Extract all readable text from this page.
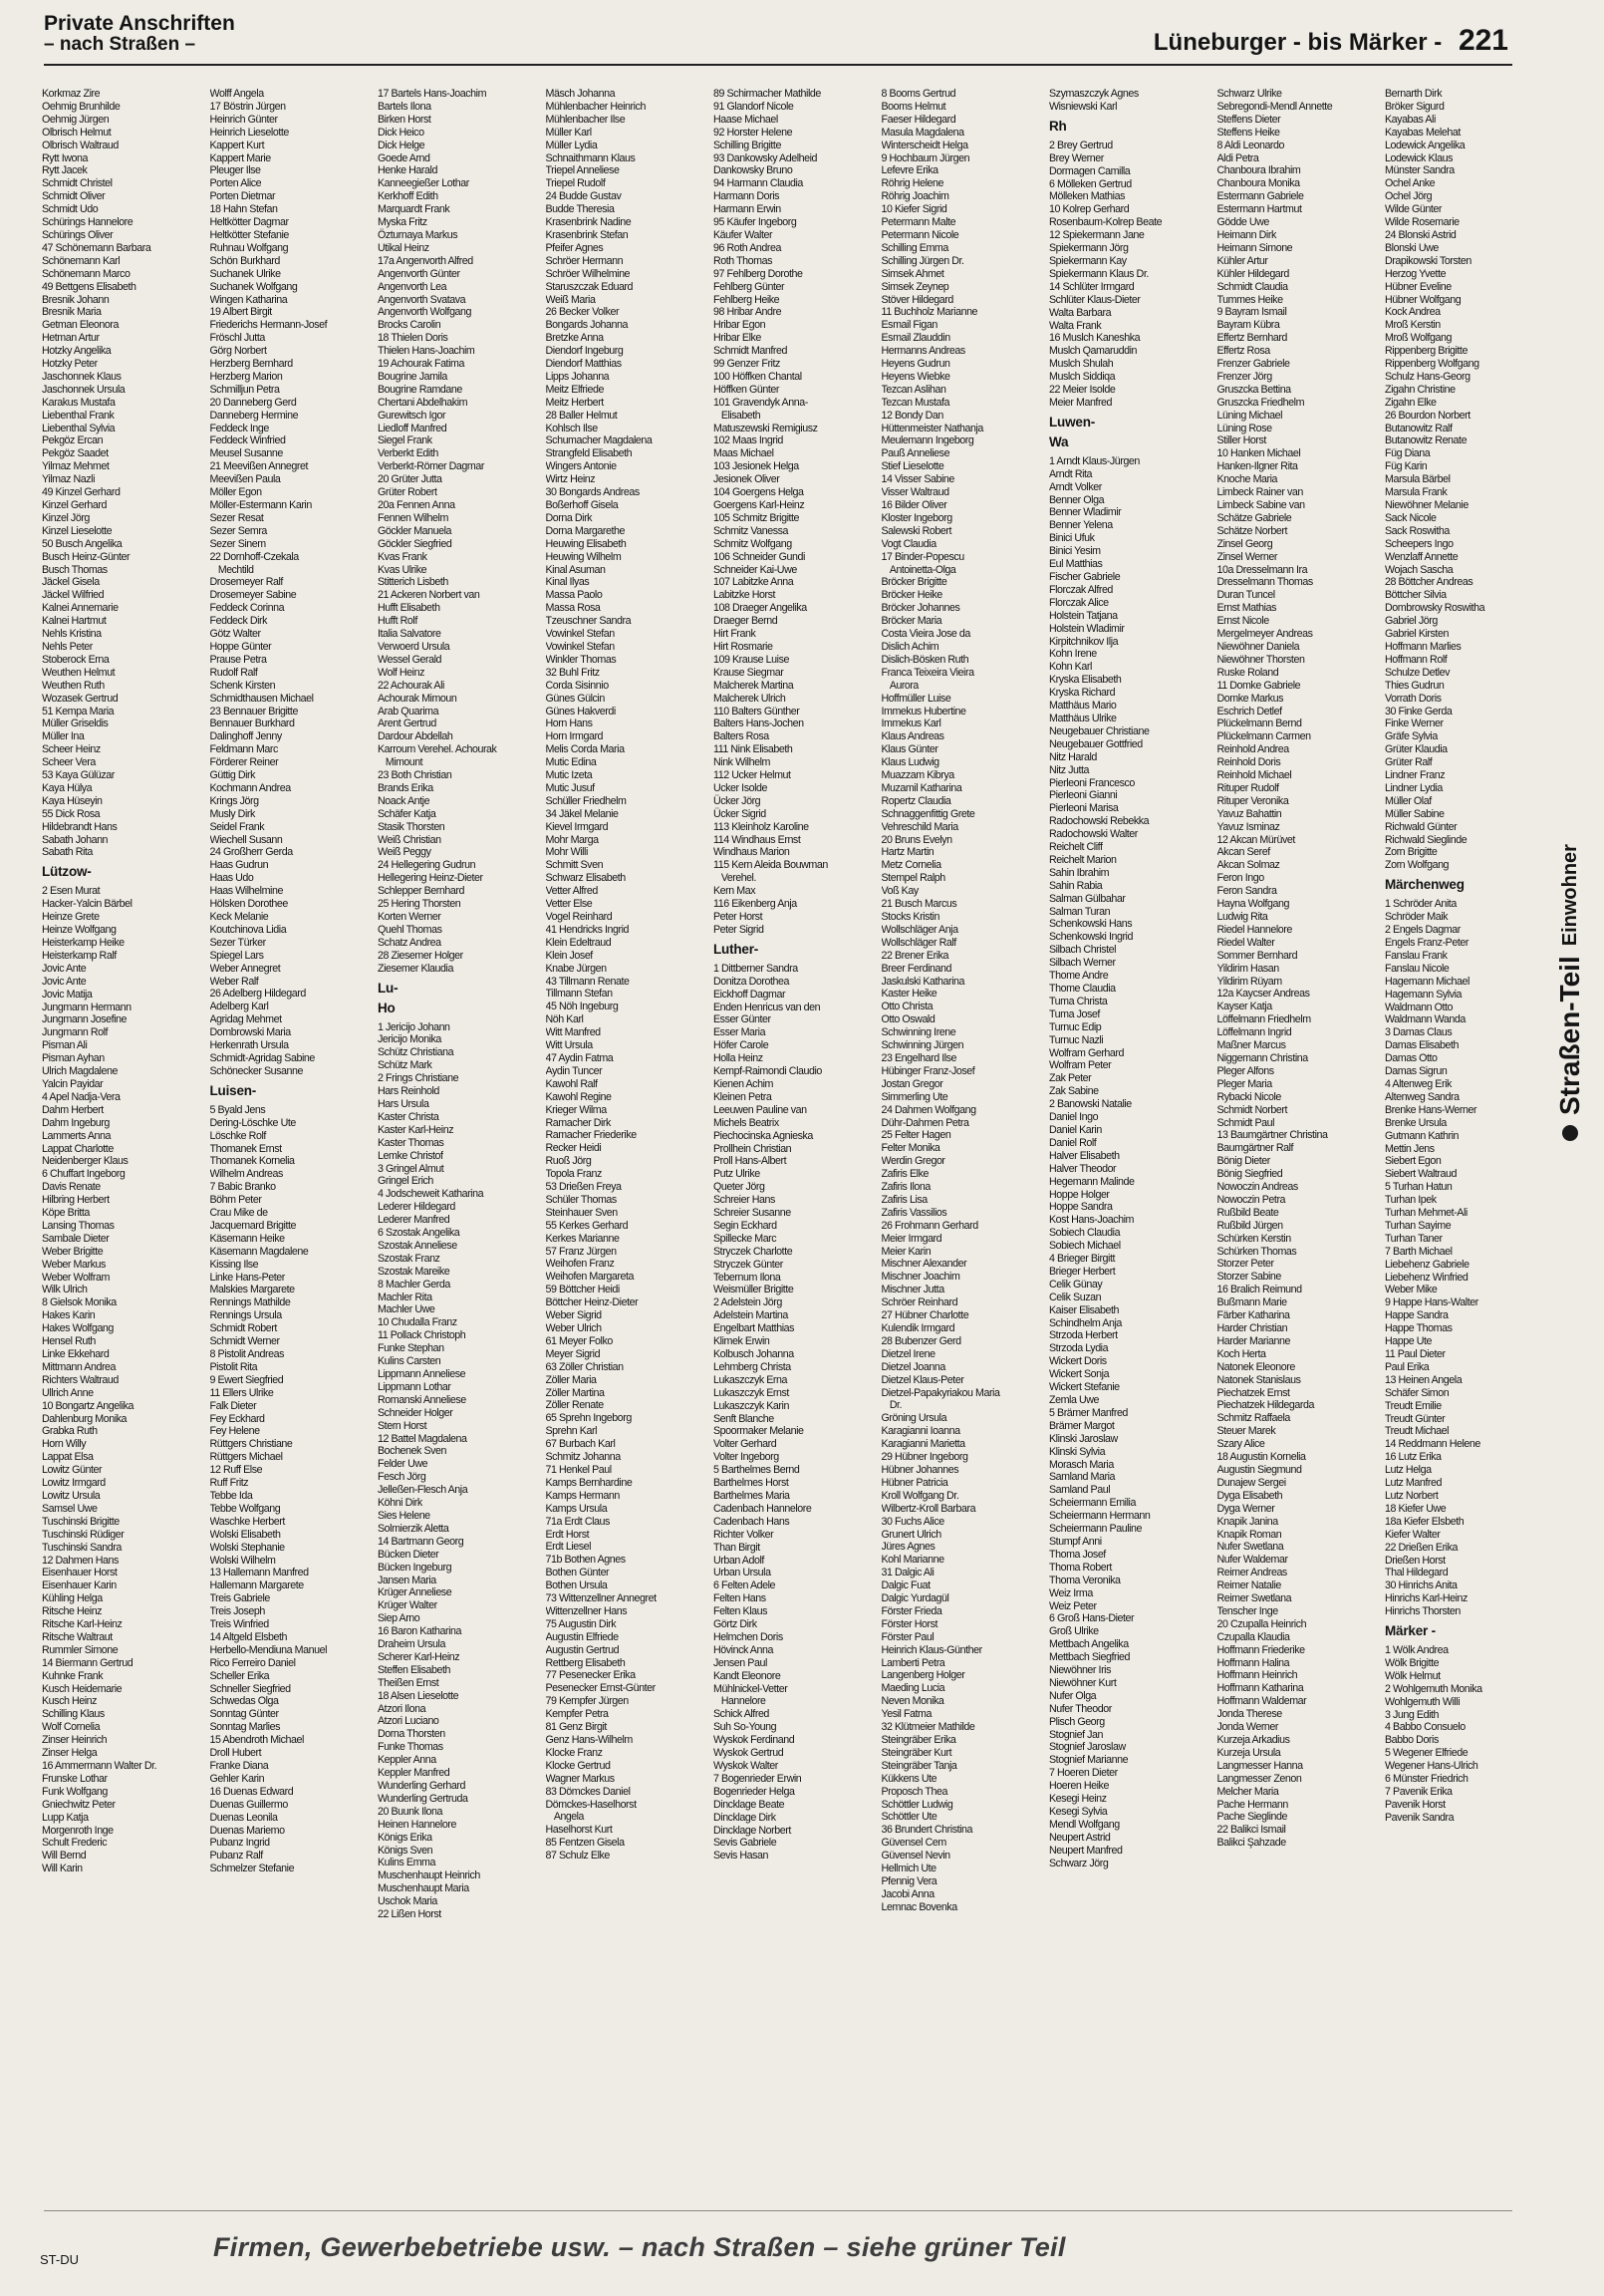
Private Anschriften
– nach Straßen –	Lüneburger - bis Märker - 221
Korkmaz Zire
Oehmig Brunhilde
Oehmig Jürgen
Olbrisch Helmut
Olbrisch Waltraud
Rytt Iwona
Rytt Jacek
Schmidt Christel
Schmidt Oliver
Schmidt Udo
Schürings Hannelore
Schürings Oliver
47 Schönemann Barbara
Schönemann Karl
Schönemann Marco
49 Bettgens Elisabeth
Bresnik Johann
Bresnik Maria
Getman Eleonora
Hetman Artur
Hotzky Angelika
Hotzky Peter
Jaschonnek Klaus
Jaschonnek Ursula
Karakus Mustafa
Liebenthal Frank
Liebenthal Sylvia
Pekgöz Ercan
Pekgöz Saadet
Yilmaz Mehmet
Yilmaz Nazli
49 Kinzel Gerhard
Kinzel Gerhard
Kinzel Jörg
Kinzel Lieselotte
50 Busch Angelika
Busch Heinz-Günter
Busch Thomas
Jäckel Gisela
Jäckel Wilfried
Kalnei Annemarie
Kalnei Hartmut
Nehls Kristina
Nehls Peter
Stoberock Erna
Weuthen Helmut
Weuthen Ruth
Wozasek Gertrud
51 Kempa Maria
Müller Griseldis
Müller Ina
Scheer Heinz
Scheer Vera
53 Kaya Gülüzar
Kaya Hülya
Kaya Hüseyin
55 Dick Rosa
Hildebrandt Hans
Sabath Johann
Sabath Rita
Lützow-
2 Esen Murat
Hacker-Yalcin Bärbel
Heinze Grete
Heinze Wolfgang
Heisterkamp Heike
Heisterkamp Ralf
Jovic Ante
Jovic Ante
Jovic Matija
Jungmann Hermann
Jungmann Josefine
Jungmann Rolf
Pisman Ali
Pisman Ayhan
Ulrich Magdalene
Yalcin Payidar
4 Apel Nadja-Vera
Dahm Herbert
Dahm Ingeburg
Lammerts Anna
Lappat Charlotte
Neidenberger Klaus
6 Chuffart Ingeborg
Davis Renate
Hilbring Herbert
Köpe Britta
Lansing Thomas
Sambale Dieter
Weber Brigitte
Weber Markus
Weber Wolfram
Wilk Ulrich
8 Gielsok Monika
Hakes Karin
Hakes Wolfgang
Hensel Ruth
Linke Ekkehard
Mittmann Andrea
Richters Waltraud
Ullrich Anne
10 Bongartz Angelika
Dahlenburg Monika
Grabka Ruth
Horn Willy
Lappat Elsa
Lowitz Günter
Lowitz Irmgard
Lowitz Ursula
Samsel Uwe
Tuschinski Brigitte
Tuschinski Rüdiger
Tuschinski Sandra
12 Dahmen Hans
Eisenhauer Horst
Eisenhauer Karin
Kühling Helga
Ritsche Heinz
Ritsche Karl-Heinz
Ritsche Waltraut
Rummler Simone
14 Biermann Gertrud
Kuhnke Frank
Kusch Heidemarie
Kusch Heinz
Schilling Klaus
Wolf Cornelia
Zinser Heinrich
Zinser Helga
16 Ammermann Walter Dr.
Frunske Lothar
Funk Wolfgang
Gniechwitz Peter
Lupp Katja
Morgenroth Inge
Schult Frederic
Will Bernd
Will Karin
Wolff Angela
17 Böstrin Jürgen
Heinrich Günter
Heinrich Lieselotte
Kappert Kurt
Kappert Marie
Pleuger Ilse
Porten Alice
Porten Dietmar
18 Hahn Stefan
Heltkötter Dagmar
Heltkötter Stefanie
Ruhnau Wolfgang
Schön Burkhard
Suchanek Ulrike
Suchanek Wolfgang
Wingen Katharina
19 Albert Birgit
Friederichs Hermann-Josef
Fröschl Jutta
Görg Norbert
Herzberg Bernhard
Herzberg Marion
Schmilljun Petra
20 Danneberg Gerd
Danneberg Hermine
Feddeck Inge
Feddeck Winfried
Meusel Susanne
21 Meevißen Annegret
Meevißen Paula
Möller Egon
Möller-Estermann Karin
Sezer Resat
Sezer Semra
Sezer Sinem
22 Dornhoff-Czekala
Mechtild
Drosemeyer Ralf
Drosemeyer Sabine
Feddeck Corinna
Feddeck Dirk
Götz Walter
Hoppe Günter
Prause Petra
Rudolf Ralf
Schenk Kirsten
Schmidthausen Michael
23 Bennauer Brigitte
Bennauer Burkhard
Dalinghoff Jenny
Feldmann Marc
Förderer Reiner
Güttig Dirk
Kochmann Andrea
Krings Jörg
Musly Dirk
Seidel Frank
Wiechell Susann
24 Großherr Gerda
Haas Gudrun
Haas Udo
Haas Wilhelmine
Hölsken Dorothee
Keck Melanie
Koutchinova Lidia
Sezer Türker
Spiegel Lars
Weber Annegret
Weber Ralf
26 Adelberg Hildegard
Adelberg Karl
Agridag Mehmet
Dombrowski Maria
Herkenrath Ursula
Schmidt-Agridag Sabine
Schönecker Susanne
Luisen-
5 Byald Jens
Dering-Löschke Ute
Löschke Rolf
Thomanek Ernst
Thomanek Kornelia
Wilhelm Andreas
7 Babic Branko
Böhm Peter
Crau Mike de
Jacquemard Brigitte
Käsemann Heike
Käsemann Magdalene
Kissing Ilse
Linke Hans-Peter
Malskies Margarete
Rennings Mathilde
Rennings Ursula
Schmidt Robert
Schmidt Werner
8 Pistolit Andreas
Pistolit Rita
9 Ewert Siegfried
11 Ellers Ulrike
Falk Dieter
Fey Eckhard
Fey Helene
Rüttgers Christiane
Rüttgers Michael
12 Ruff Else
Ruff Fritz
Tebbe Ida
Tebbe Wolfgang
Waschke Herbert
Wolski Elisabeth
Wolski Stephanie
Wolski Wilhelm
13 Hallemann Manfred
Hallemann Margarete
Treis Gabriele
Treis Joseph
Treis Winfried
14 Altgeld Elsbeth
Herbello-Mendiuna Manuel
Rico Ferreiro Daniel
Scheller Erika
Schneller Siegfried
Schwedas Olga
Sonntag Günter
Sonntag Marlies
15 Abendroth Michael
Droll Hubert
Franke Diana
Gehler Karin
16 Duenas Edward
Duenas Guillermo
Duenas Leonila
Duenas Mariemo
Pubanz Ingrid
Pubanz Ralf
Schmelzer Stefanie
17 Bartels Hans-Joachim
Bartels Ilona
Birken Horst
Dick Heico
Dick Helge
Goede Arnd
Henke Harald
Kanneegießer Lothar
Kerkhoff Edith
Marquardt Frank
Myska Fritz
Özturnaya Markus
Utikal Heinz
17a Angenvorth Alfred
Angenvorth Günter
Angenvorth Lea
Angenvorth Svatava
Angenvorth Wolfgang
Brocks Carolin
18 Thielen Doris
Thielen Hans-Joachim
19 Achourak Fatima
Bougrine Jamila
Bougrine Ramdane
Chertani Abdelhakim
Gurewitsch Igor
Liedloff Manfred
Siegel Frank
Verberkt Edith
Verberkt-Römer Dagmar
20 Grüter Jutta
Grüter Robert
20a Fennen Anna
Fennen Wilhelm
Göckler Manuela
Göckler Siegfried
Kvas Frank
Kvas Ulrike
Stitterich Lisbeth
21 Ackeren Norbert van
Hufft Elisabeth
Hufft Rolf
Italia Salvatore
Verwoerd Ursula
Wessel Gerald
Wolf Heinz
22 Achourak Ali
Achourak Mimoun
Arab Quarima
Arent Gertrud
Dardour Abdellah
Karroum Verehel. Achourak
Mimount
23 Both Christian
Brands Erika
Noack Antje
Schäfer Katja
Stasik Thorsten
Weiß Christian
Weiß Peggy
24 Hellegering Gudrun
Hellegering Heinz-Dieter
Schlepper Bernhard
25 Hering Thorsten
Korten Werner
Quehl Thomas
Schatz Andrea
28 Ziesemer Holger
Ziesemer Klaudia
Lu-
Ho
1 Jericijo Johann
Jericijo Monika
Schütz Christiana
Schütz Mark
2 Frings Christiane
Hars Reinhold
Hars Ursula
Kaster Christa
Kaster Karl-Heinz
Kaster Thomas
Lemke Christof
3 Gringel Almut
Gringel Erich
4 Jodscheweit Katharina
Lederer Hildegard
Lederer Manfred
6 Szostak Angelika
Szostak Anneliese
Szostak Franz
Szostak Mareike
8 Machler Gerda
Machler Rita
Machler Uwe
10 Chudalla Franz
11 Pollack Christoph
Funke Stephan
Kulins Carsten
Lippmann Anneliese
Lippmann Lothar
Romanski Anneliese
Schneider Holger
Stern Horst
12 Battel Magdalena
Bochenek Sven
Felder Uwe
Fesch Jörg
Jelleßen-Flesch Anja
Köhni Dirk
Sies Helene
Solmierzik Aletta
14 Bartmann Georg
Bücken Dieter
Bücken Ingeburg
Jansen Maria
Krüger Anneliese
Krüger Walter
Siep Arno
16 Baron Katharina
Draheim Ursula
Scherer Karl-Heinz
Steffen Elisabeth
Theißen Ernst
18 Alsen Lieselotte
Atzori Ilona
Atzori Luciano
Dorna Thorsten
Funke Thomas
Keppler Anna
Keppler Manfred
Wunderling Gerhard
Wunderling Gertruda
20 Buunk Ilona
Heinen Hannelore
Königs Erika
Königs Sven
Kulins Emma
Muschenhaupt Heinrich
Muschenhaupt Maria
Uschok Maria
22 Lißen Horst
Mäsch Johanna
Mühlenbacher Heinrich
Mühlenbacher Ilse
Müller Karl
Müller Lydia
Schnaithmann Klaus
Triepel Anneliese
Triepel Rudolf
24 Budde Gustav
Budde Theresia
Krasenbrink Nadine
Krasenbrink Stefan
Pfeifer Agnes
Schröer Hermann
Schröer Wilhelmine
Staruszczak Eduard
Weiß Maria
26 Becker Volker
Bongards Johanna
Bretzke Anna
Diendorf Ingeburg
Diendorf Matthias
Lipps Johanna
Meitz Elfriede
Meitz Herbert
28 Baller Helmut
Kohlsch Ilse
Schumacher Magdalena
Strangfeld Elisabeth
Wingers Antonie
Wirtz Heinz
30 Bongards Andreas
Boßerhoff Gisela
Dorna Dirk
Dorna Margarethe
Heuwing Elisabeth
Heuwing Wilhelm
Kinal Asuman
Kinal Ilyas
Massa Paolo
Massa Rosa
Tzeuschner Sandra
Vowinkel Stefan
Vowinkel Stefan
Winkler Thomas
32 Buhl Fritz
Corda Sisinnio
Günes Gülcin
Günes Hakverdi
Horn Hans
Horn Irmgard
Melis Corda Maria
Mutic Edina
Mutic Izeta
Mutic Jusuf
Schüller Friedhelm
34 Jäkel Melanie
Kievel Irmgard
Mohr Marga
Mohr Willi
Schmitt Sven
Schwarz Elisabeth
Vetter Alfred
Vetter Else
Vogel Reinhard
41 Hendricks Ingrid
Klein Edeltraud
Klein Josef
Knabe Jürgen
43 Tillmann Renate
Tillmann Stefan
45 Nöh Ingeburg
Nöh Karl
Witt Manfred
Witt Ursula
47 Aydin Fatma
Aydin Tuncer
Kawohl Ralf
Kawohl Regine
Krieger Wilma
Ramacher Dirk
Ramacher Friederike
Recker Heidi
Ruoß Jörg
Topola Franz
53 Drießen Freya
Schüler Thomas
Steinhauer Sven
55 Kerkes Gerhard
Kerkes Marianne
57 Franz Jürgen
Weihofen Franz
Weihofen Margareta
59 Böttcher Heidi
Böttcher Heinz-Dieter
Weber Sigrid
Weber Ulrich
61 Meyer Folko
Meyer Sigrid
63 Zöller Christian
Zöller Maria
Zöller Martina
Zöller Renate
65 Sprehn Ingeborg
Sprehn Karl
67 Burbach Karl
Schmitz Johanna
71 Henkel Paul
Kamps Bernhardine
Kamps Hermann
Kamps Ursula
71a Erdt Claus
Erdt Horst
Erdt Liesel
71b Bothen Agnes
Bothen Günter
Bothen Ursula
73 Wittenzellner Annegret
Wittenzellner Hans
75 Augustin Dirk
Augustin Elfriede
Augustin Gertrud
Rettberg Elisabeth
77 Pesenecker Erika
Pesenecker Ernst-Günter
79 Kempfer Jürgen
Kempfer Petra
81 Genz Birgit
Genz Hans-Wilhelm
Klocke Franz
Klocke Gertrud
Wagner Markus
83 Dömckes Daniel
Dömckes-Haselhorst
Angela
Haselhorst Kurt
85 Fentzen Gisela
87 Schulz Elke
89 Schirmacher Mathilde
91 Glandorf Nicole
Haase Michael
92 Horster Helene
Schilling Brigitte
93 Dankowsky Adelheid
Dankowsky Bruno
94 Harmann Claudia
Harmann Doris
Harmann Erwin
95 Käufer Ingeborg
Käufer Walter
96 Roth Andrea
Roth Thomas
97 Fehlberg Dorothe
Fehlberg Günter
Fehlberg Heike
98 Hribar Andre
Hribar Egon
Hribar Elke
Schmidt Manfred
99 Genzer Fritz
100 Höffken Chantal
Höffken Günter
101 Gravendyk Anna-
Elisabeth
Matuszewski Remigiusz
102 Maas Ingrid
Maas Michael
103 Jesionek Helga
Jesionek Oliver
104 Goergens Helga
Goergens Karl-Heinz
105 Schmitz Brigitte
Schmitz Vanessa
Schmitz Wolfgang
106 Schneider Gundi
Schneider Kai-Uwe
107 Labitzke Anna
Labitzke Horst
108 Draeger Angelika
Draeger Bernd
Hirt Frank
Hirt Rosmarie
109 Krause Luise
Krause Siegmar
Malcherek Martina
Malcherek Ulrich
110 Balters Günther
Balters Hans-Jochen
Balters Rosa
111 Nink Elisabeth
Nink Wilhelm
112 Ucker Helmut
Ucker Isolde
Ücker Jörg
Ücker Sigrid
113 Kleinholz Karoline
114 Windhaus Ernst
Windhaus Marion
115 Kern Aleida Bouwman
Verehel.
Kern Max
116 Eikenberg Anja
Peter Horst
Peter Sigrid
Luther-
1 Dittberner Sandra
Donitza Dorothea
Eickhoff Dagmar
Enden Henricus van den
Esser Günter
Esser Maria
Höfer Carole
Holla Heinz
Kempf-Raimondi Claudio
Kienen Achim
Kleinen Petra
Leeuwen Pauline van
Michels Beatrix
Piechocinska Agnieska
Prollhein Christian
Proll Hans-Albert
Putz Ulrike
Queter Jörg
Schreier Hans
Schreier Susanne
Segin Eckhard
Spillecke Marc
Stryczek Charlotte
Stryczek Günter
Tebernum Ilona
Weismüller Brigitte
2 Adelstein Jörg
Adelstein Martina
Engelbart Matthias
Klimek Erwin
Kolbusch Johanna
Lehmberg Christa
Lukaszczyk Erna
Lukaszczyk Ernst
Lukaszczyk Karin
Senft Blanche
Spoormaker Melanie
Volter Gerhard
Volter Ingeborg
5 Barthelmes Bernd
Barthelmes Horst
Barthelmes Maria
Cadenbach Hannelore
Cadenbach Hans
Richter Volker
Than Birgit
Urban Adolf
Urban Ursula
6 Felten Adele
Felten Hans
Felten Klaus
Görtz Dirk
Helmchen Doris
Hövinck Anna
Jensen Paul
Kandt Eleonore
Mühlnickel-Vetter
Hannelore
Schick Alfred
Suh So-Young
Wyskok Ferdinand
Wyskok Gertrud
Wyskok Walter
7 Bogenrieder Erwin
Bogenrieder Helga
Dincklage Beate
Dincklage Dirk
Dincklage Norbert
Sevis Gabriele
Sevis Hasan
8 Booms Gertrud
Booms Helmut
Faeser Hildegard
Masula Magdalena
Winterscheidt Helga
9 Hochbaum Jürgen
Lefevre Erika
Röhrig Helene
Röhrig Joachim
10 Kiefer Sigrid
Petermann Malte
Petermann Nicole
Schilling Emma
Schilling Jürgen Dr.
Simsek Ahmet
Simsek Zeynep
Stöver Hildegard
11 Buchholz Marianne
Esmail Figan
Esmail Zlauddin
Hermanns Andreas
Heyens Gudrun
Heyens Wiebke
Tezcan Aslihan
Tezcan Mustafa
12 Bondy Dan
Hüttenmeister Nathanja
Meulemann Ingeborg
Pauß Anneliese
Stief Lieselotte
14 Visser Sabine
Visser Waltraud
16 Bilder Oliver
Kloster Ingeborg
Salewski Robert
Vogt Claudia
17 Binder-Popescu
Antoinetta-Olga
Bröcker Brigitte
Bröcker Heike
Bröcker Johannes
Bröcker Maria
Costa Vieira Jose da
Dislich Achim
Dislich-Bösken Ruth
Franca Teixeira Vieira
Aurora
Hoffmüller Luise
Immekus Hubertine
Immekus Karl
Klaus Andreas
Klaus Günter
Klaus Ludwig
Muazzam Kibrya
Muzamil Katharina
Ropertz Claudia
Schnaggenfittig Grete
Vehreschild Maria
20 Bruns Evelyn
Hartz Martin
Metz Cornelia
Stempel Ralph
Voß Kay
21 Busch Marcus
Stocks Kristin
Wollschläger Anja
Wollschläger Ralf
22 Brener Erika
Breer Ferdinand
Jaskulski Katharina
Kaster Heike
Otto Christa
Otto Oswald
Schwinning Irene
Schwinning Jürgen
23 Engelhard Ilse
Hübinger Franz-Josef
Jostan Gregor
Simmerling Ute
24 Dahmen Wolfgang
Dühr-Dahmen Petra
25 Felter Hagen
Felter Monika
Werdin Gregor
Zafiris Elke
Zafiris Ilona
Zafiris Lisa
Zafiris Vassilios
26 Frohmann Gerhard
Meier Irmgard
Meier Karin
Mischner Alexander
Mischner Joachim
Mischner Jutta
Schröer Reinhard
27 Hübner Charlotte
Kulendik Irmgard
28 Bubenzer Gerd
Dietzel Irene
Dietzel Joanna
Dietzel Klaus-Peter
Dietzel-Papakyriakou Maria
Dr.
Gröning Ursula
Karagianni Ioanna
Karagianni Marietta
29 Hübner Ingeborg
Hübner Johannes
Hübner Patricia
Kroll Wolfgang Dr.
Wilbertz-Kroll Barbara
30 Fuchs Alice
Grunert Ulrich
Jüres Agnes
Kohl Marianne
31 Dalgic Ali
Dalgic Fuat
Dalgic Yurdagül
Förster Frieda
Förster Horst
Förster Paul
Heinrich Klaus-Günther
Lamberti Petra
Langenberg Holger
Maeding Lucia
Neven Monika
Yesil Fatma
32 Klütmeier Mathilde
Steingräber Erika
Steingräber Kurt
Steingräber Tanja
Kükkens Ute
Proposch Thea
Schöttler Ludwig
Schöttler Ute
36 Brundert Christina
Güvensel Cem
Güvensel Nevin
Hellmich Ute
Pfennig Vera
Jacobi Anna
Lemnac Bovenka
Szymaszczyk Agnes
Wisniewski Karl
Rh
2 Brey Gertrud
Brey Werner
Dormagen Camilla
6 Mölleken Gertrud
Mölleken Mathias
10 Kolrep Gerhard
Rosenbaum-Kolrep Beate
12 Spiekermann Jane
Spiekermann Jörg
Spiekermann Kay
Spiekermann Klaus Dr.
14 Schlüter Irmgard
Schlüter Klaus-Dieter
Walta Barbara
Walta Frank
16 Muslch Kaneshka
Muslch Qamaruddin
Muslch Shulah
Muslch Siddiqa
22 Meier Isolde
Meier Manfred
Luwen-
Wa
1 Arndt Klaus-Jürgen
Arndt Rita
Arndt Volker
Benner Olga
Benner Wladimir
Benner Yelena
Binici Ufuk
Binici Yesim
Eul Matthias
Fischer Gabriele
Florczak Alfred
Florczak Alice
Holstein Tatjana
Holstein Wladimir
Kirpitchnikov Ilja
Kohn Irene
Kohn Karl
Kryska Elisabeth
Kryska Richard
Matthäus Mario
Matthäus Ulrike
Neugebauer Christiane
Neugebauer Gottfried
Nitz Harald
Nitz Jutta
Pierleoni Francesco
Pierleoni Gianni
Pierleoni Marisa
Radochowski Rebekka
Radochowski Walter
Reichelt Cliff
Reichelt Marion
Sahin Ibrahim
Sahin Rabia
Salman Gülbahar
Salman Turan
Schenkowski Hans
Schenkowski Ingrid
Silbach Christel
Silbach Werner
Thome Andre
Thome Claudia
Tuma Christa
Tuma Josef
Turnuc Edip
Turnuc Nazli
Wolfram Gerhard
Wolfram Peter
Zak Peter
Zak Sabine
2 Banowski Natalie
Daniel Ingo
Daniel Karin
Daniel Rolf
Halver Elisabeth
Halver Theodor
Hegemann Malinde
Hoppe Holger
Hoppe Sandra
Kost Hans-Joachim
Sobiech Claudia
Sobiech Michael
4 Brieger Birgitt
Brieger Herbert
Celik Günay
Celik Suzan
Kaiser Elisabeth
Schindhelm Anja
Strzoda Herbert
Strzoda Lydia
Wickert Doris
Wickert Sonja
Wickert Stefanie
Zemla Uwe
5 Brämer Manfred
Brämer Margot
Klinski Jaroslaw
Klinski Sylvia
Morasch Maria
Samland Maria
Samland Paul
Scheiermann Emilia
Scheiermann Hermann
Scheiermann Pauline
Stumpf Anni
Thoma Josef
Thoma Robert
Thoma Veronika
Weiz Irma
Weiz Peter
6 Groß Hans-Dieter
Groß Ulrike
Mettbach Angelika
Mettbach Siegfried
Niewöhner Iris
Niewöhner Kurt
Nufer Olga
Nufer Theodor
Plisch Georg
Stognief Jan
Stognief Jaroslaw
Stognief Marianne
7 Hoeren Dieter
Hoeren Heike
Kesegi Heinz
Kesegi Sylvia
Mendl Wolfgang
Neupert Astrid
Neupert Manfred
Schwarz Jörg
Schwarz Ulrike
Sebregondi-Mendl Annette
Steffens Dieter
Steffens Heike
8 Aldi Leonardo
Aldi Petra
Chanboura Ibrahim
Chanboura Monika
Estermann Gabriele
Estermann Hartmut
Gödde Uwe
Heimann Dirk
Heimann Simone
Kühler Artur
Kühler Hildegard
Schmidt Claudia
Tummes Heike
9 Bayram Ismail
Bayram Kübra
Effertz Bernhard
Effertz Rosa
Frenzer Gabriele
Frenzer Jörg
Gruszcka Bettina
Gruszcka Friedhelm
Lüning Michael
Lüning Rose
Stiller Horst
10 Hanken Michael
Hanken-Ilgner Rita
Knoche Maria
Limbeck Rainer van
Limbeck Sabine van
Schätze Gabriele
Schätze Norbert
Zinsel Georg
Zinsel Werner
10a Dresselmann Ira
Dresselmann Thomas
Duran Tuncel
Ernst Mathias
Ernst Nicole
Mergelmeyer Andreas
Niewöhner Daniela
Niewöhner Thorsten
Ruske Roland
11 Domke Gabriele
Domke Markus
Eschrich Detlef
Plückelmann Bernd
Plückelmann Carmen
Reinhold Andrea
Reinhold Doris
Reinhold Michael
Rituper Rudolf
Rituper Veronika
Yavuz Bahattin
Yavuz Isminaz
12 Akcan Mürüvet
Akcan Seref
Akcan Solmaz
Feron Ingo
Feron Sandra
Hayna Wolfgang
Ludwig Rita
Riedel Hannelore
Riedel Walter
Sommer Bernhard
Yildirim Hasan
Yildirim Rüyam
12a Kaycser Andreas
Kayser Katja
Löffelmann Friedhelm
Löffelmann Ingrid
Maßner Marcus
Niggemann Christina
Pleger Alfons
Pleger Maria
Rybacki Nicole
Schmidt Norbert
Schmidt Paul
13 Baumgärtner Christina
Baumgärtner Ralf
Bönig Dieter
Bönig Siegfried
Nowoczin Andreas
Nowoczin Petra
Rußbild Beate
Rußbild Jürgen
Schürken Kerstin
Schürken Thomas
Storzer Peter
Storzer Sabine
16 Bralich Reimund
Bußmann Marie
Färber Katharina
Harder Christian
Harder Marianne
Koch Herta
Natonek Eleonore
Natonek Stanislaus
Piechatzek Ernst
Piechatzek Hildegarda
Schmitz Raffaela
Steuer Marek
Szary Alice
18 Augustin Kornelia
Augustin Siegmund
Dunajew Sergei
Dyga Elisabeth
Dyga Werner
Knapik Janina
Knapik Roman
Nufer Swetlana
Nufer Waldemar
Reimer Andreas
Reimer Natalie
Reimer Swetlana
Tenscher Inge
20 Czupalla Heinrich
Czupalla Klaudia
Hoffmann Friederike
Hoffmann Halina
Hoffmann Heinrich
Hoffmann Katharina
Hoffmann Waldemar
Jonda Therese
Jonda Werner
Kurzeja Arkadius
Kurzeja Ursula
Langmesser Hanna
Langmesser Zenon
Melcher Maria
Pache Hermann
Pache Sieglinde
22 Balikci Ismail
Balikci Şahzade
Bernarth Dirk
Bröker Sigurd
Kayabas Ali
Kayabas Melehat
Lodewick Angelika
Lodewick Klaus
Münster Sandra
Ochel Anke
Ochel Jörg
Wilde Günter
Wilde Rosemarie
24 Blonski Astrid
Blonski Uwe
Drapikowski Torsten
Herzog Yvette
Hübner Eveline
Hübner Wolfgang
Kock Andrea
Mroß Kerstin
Mroß Wolfgang
Rippenberg Brigitte
Rippenberg Wolfgang
Schulz Hans-Georg
Zigahn Christine
Zigahn Elke
26 Bourdon Norbert
Butanowitz Ralf
Butanowitz Renate
Füg Diana
Füg Karin
Marsula Bärbel
Marsula Frank
Niewöhner Melanie
Sack Nicole
Sack Roswitha
Scheepers Ingo
Wenzlaff Annette
Wojach Sascha
28 Böttcher Andreas
Böttcher Silvia
Dombrowsky Roswitha
Gabriel Jörg
Gabriel Kirsten
Hoffmann Marlies
Hoffmann Rolf
Schulze Detlev
Thies Gudrun
Vorrath Doris
30 Finke Gerda
Finke Werner
Gräfe Sylvia
Grüter Klaudia
Grüter Ralf
Lindner Franz
Lindner Lydia
Müller Olaf
Müller Sabine
Richwald Günter
Richwald Sieglinde
Zorn Brigitte
Zorn Wolfgang
Märchenweg
1 Schröder Anita
Schröder Maik
2 Engels Dagmar
Engels Franz-Peter
Fanslau Frank
Fanslau Nicole
Hagemann Michael
Hagemann Sylvia
Waldmann Otto
Waldmann Wanda
3 Damas Claus
Damas Elisabeth
Damas Otto
Damas Sigrun
4 Altenweg Erik
Altenweg Sandra
Brenke Hans-Werner
Brenke Ursula
Gutmann Kathrin
Mettin Jens
Siebert Egon
Siebert Waltraud
5 Turhan Hatun
Turhan Ipek
Turhan Mehmet-Ali
Turhan Sayime
Turhan Taner
7 Barth Michael
Liebehenz Gabriele
Liebehenz Winfried
Weber Mike
9 Happe Hans-Walter
Happe Sandra
Happe Thomas
Happe Ute
11 Paul Dieter
Paul Erika
13 Heinen Angela
Schäfer Simon
Treudt Emilie
Treudt Günter
Treudt Michael
14 Reddmann Helene
16 Lutz Erika
Lutz Helga
Lutz Manfred
Lutz Norbert
18 Kiefer Uwe
18a Kiefer Elsbeth
Kiefer Walter
22 Drießen Erika
Drießen Horst
Thal Hildegard
30 Hinrichs Anita
Hinrichs Karl-Heinz
Hinrichs Thorsten
Märker -
1 Wölk Andrea
Wölk Brigitte
Wölk Helmut
2 Wohlgemuth Monika
Wohlgemuth Willi
3 Jung Edith
4 Babbo Consuelo
Babbo Doris
5 Wegener Elfriede
Wegener Hans-Ulrich
6 Münster Friedrich
7 Pavenik Erika
Pavenik Horst
Pavenik Sandra
Straßen-Teil
Einwohner
ST-DU	Firmen, Gewerbebetriebe usw. – nach Straßen – siehe grüner Teil
